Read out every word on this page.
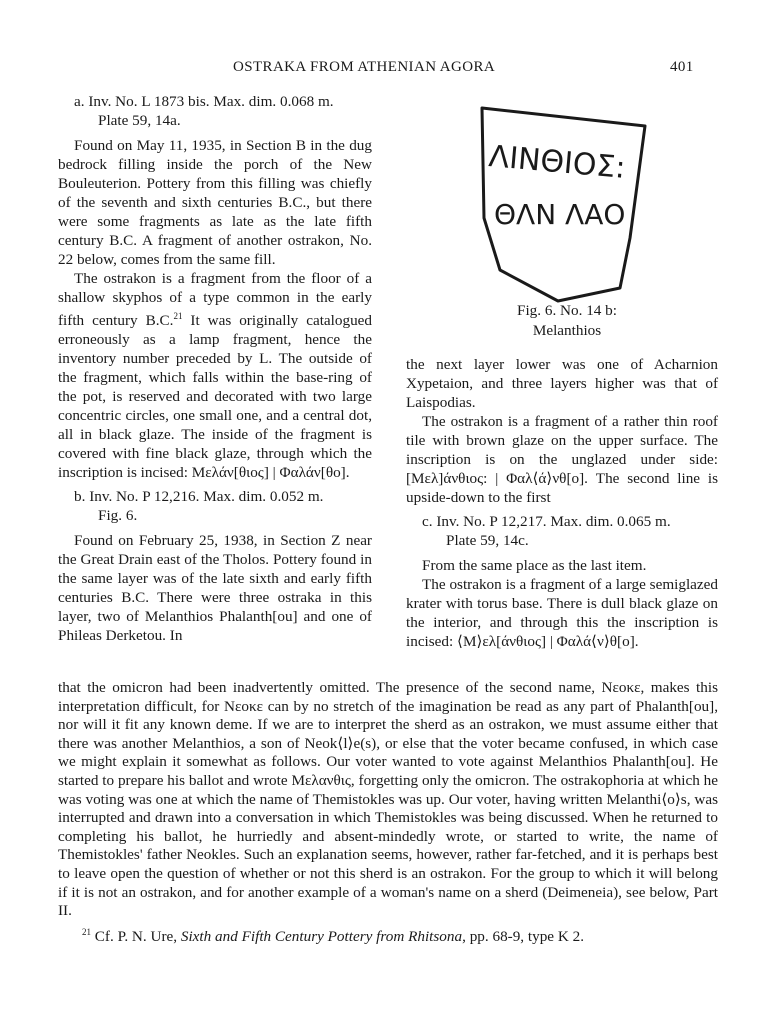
OSTRAKA FROM ATHENIAN AGORA	401
a. Inv. No. L 1873 bis. Max. dim. 0.068 m.
Plate 59, 14a.

Found on May 11, 1935, in Section B in the dug bedrock filling inside the porch of the New Bouleuterion. Pottery from this filling was chiefly of the seventh and sixth centuries B.C., but there were some fragments as late as the late fifth century B.C. A fragment of another ostrakon, No. 22 below, comes from the same fill.

The ostrakon is a fragment from the floor of a shallow skyphos of a type common in the early fifth century B.C.$^{21}$ It was originally catalogued erroneously as a lamp fragment, hence the inventory number preceded by L. The outside of the fragment, which falls within the base-ring of the pot, is reserved and decorated with two large concentric circles, one small one, and a central dot, all in black glaze. The inside of the fragment is covered with fine black glaze, through which the inscription is incised: Μελάν[θιος] | Φαλάν[θο].

b. Inv. No. P 12,216. Max. dim. 0.052 m.
Fig. 6.

Found on February 25, 1938, in Section Z near the Great Drain east of the Tholos. Pottery found in the same layer was of the late sixth and early fifth centuries B.C. There were three ostraka in this layer, two of Melanthios Phalanth[ou] and one of Phileas Derketou. In

ΛΙΝΘΙΟΣ:
ΘΛΝ ΛΑΟ
Fig. 6. No. 14 b:
Melanthios

the next layer lower was one of Acharnion Xypetaion, and three layers higher was that of Laispodias.

The ostrakon is a fragment of a rather thin roof tile with brown glaze on the upper surface. The inscription is on the unglazed under side: [Μελ]άνθιος: | Φαλ⟨ά⟩νθ[ο]. The second line is upside-down to the first

c. Inv. No. P 12,217. Max. dim. 0.065 m.
Plate 59, 14c.

From the same place as the last item.

The ostrakon is a fragment of a large semiglazed krater with torus base. There is dull black glaze on the interior, and through this the inscription is incised: ⟨Μ⟩ελ[άνθιος] | Φαλά⟨ν⟩θ[ο].

that the omicron had been inadvertently omitted. The presence of the second name, Νεοκε, makes this interpretation difficult, for Νεοκε can by no stretch of the imagination be read as any part of Phalanth[ou], nor will it fit any known deme. If we are to interpret the sherd as an ostrakon, we must assume either that there was another Melanthios, a son of Neok⟨l⟩e(s), or else that the voter became confused, in which case we might explain it somewhat as follows. Our voter wanted to vote against Melanthios Phalanth[ou]. He started to prepare his ballot and wrote Μελανθις, forgetting only the omicron. The ostrakophoria at which he was voting was one at which the name of Themistokles was up. Our voter, having written Melanthi⟨o⟩s, was interrupted and drawn into a conversation in which Themistokles was being discussed. When he returned to completing his ballot, he hurriedly and absent-mindedly wrote, or started to write, the name of Themistokles' father Neokles. Such an explanation seems, however, rather far-fetched, and it is perhaps best to leave open the question of whether or not this sherd is an ostrakon. For the group to which it will belong if it is not an ostrakon, and for another example of a woman's name on a sherd (Deimeneia), see below, Part II.

$^{21}$ Cf. P. N. Ure, Sixth and Fifth Century Pottery from Rhitsona, pp. 68-9, type K 2.
